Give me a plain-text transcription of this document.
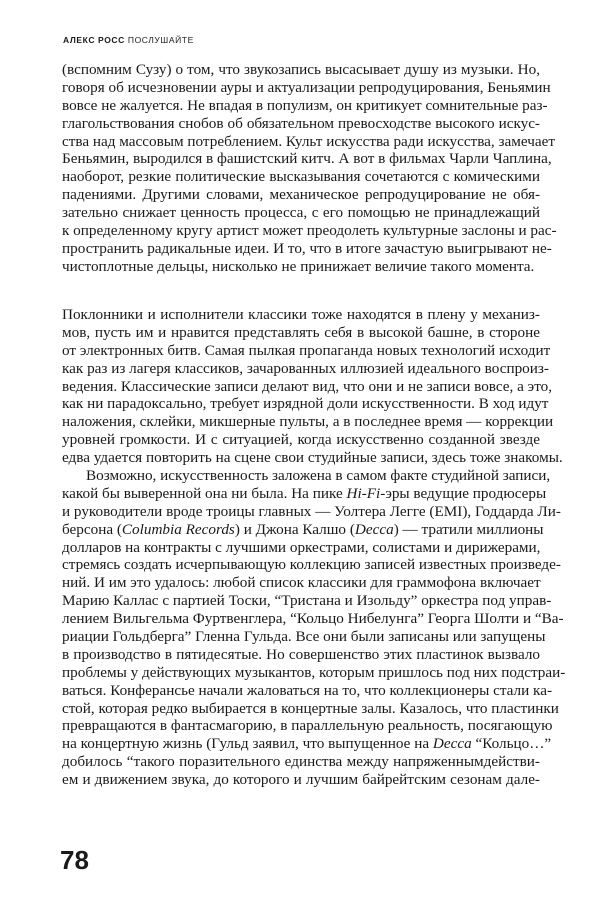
АЛЕКС РОСС ПОСЛУШАЙТЕ
(вспомним Сузу) о том, что звукозапись высасывает душу из музыки. Но,
говоря об исчезновении ауры и актуализации репродуцирования, Беньямин
вовсе не жалуется. Не впадая в популизм, он критикует сомнительные раз-
глагольствования снобов об обязательном превосходстве высокого искус-
ства над массовым потреблением. Культ искусства ради искусства, замечает
Беньямин, выродился в фашистский китч. А вот в фильмах Чарли Чаплина,
наоборот, резкие политические высказывания сочетаются с комическими
падениями. Другими словами, механическое репродуцирование не обя-
зательно снижает ценность процесса, с его помощью не принадлежащий
к определенному кругу артист может преодолеть культурные заслоны и рас-
пространить радикальные идеи. И то, что в итоге зачастую выигрывают не-
чистоплотные дельцы, нисколько не принижает величие такого момента.
Поклонники и исполнители классики тоже находятся в плену у механиз-
мов, пусть им и нравится представлять себя в высокой башне, в стороне
от электронных битв. Самая пылкая пропаганда новых технологий исходит
как раз из лагеря классиков, зачарованных иллюзией идеального воспроиз-
ведения. Классические записи делают вид, что они и не записи вовсе, а это,
как ни парадоксально, требует изрядной доли искусственности. В ход идут
наложения, склейки, микшерные пульты, а в последнее время — коррекции
уровней громкости. И с ситуацией, когда искусственно созданной звезде
едва удается повторить на сцене свои студийные записи, здесь тоже знакомы.
Возможно, искусственность заложена в самом факте студийной записи,
какой бы выверенной она ни была. На пике Hi-Fi-эры ведущие продюсеры
и руководители вроде троицы главных — Уолтера Легге (EMI), Годдарда Ли-
берсона (Columbia Records) и Джона Калшо (Decca) — тратили миллионы
долларов на контракты с лучшими оркестрами, солистами и дирижерами,
стремясь создать исчерпывающую коллекцию записей известных произведе-
ний. И им это удалось: любой список классики для граммофона включает
Марию Каллас с партией Тоски, “Тристана и Изольду” оркестра под управ-
лением Вильгельма Фуртвенглера, “Кольцо Нибелунга” Георга Шолти и “Ва-
риации Гольдберга” Гленна Гульда. Все они были записаны или запущены
в производство в пятидесятые. Но совершенство этих пластинок вызвало
проблемы у действующих музыкантов, которым пришлось под них подстраи-
ваться. Конферансье начали жаловаться на то, что коллекционеры стали ка-
стой, которая редко выбирается в концертные залы. Казалось, что пластинки
превращаются в фантасмагорию, в параллельную реальность, посягающую
на концертную жизнь (Гульд заявил, что выпущенное на Decca “Кольцо…”
добилось “такого поразительного единства между напряженнымдействи-
ем и движением звука, до которого и лучшим байрейтским сезонам дале-
78
